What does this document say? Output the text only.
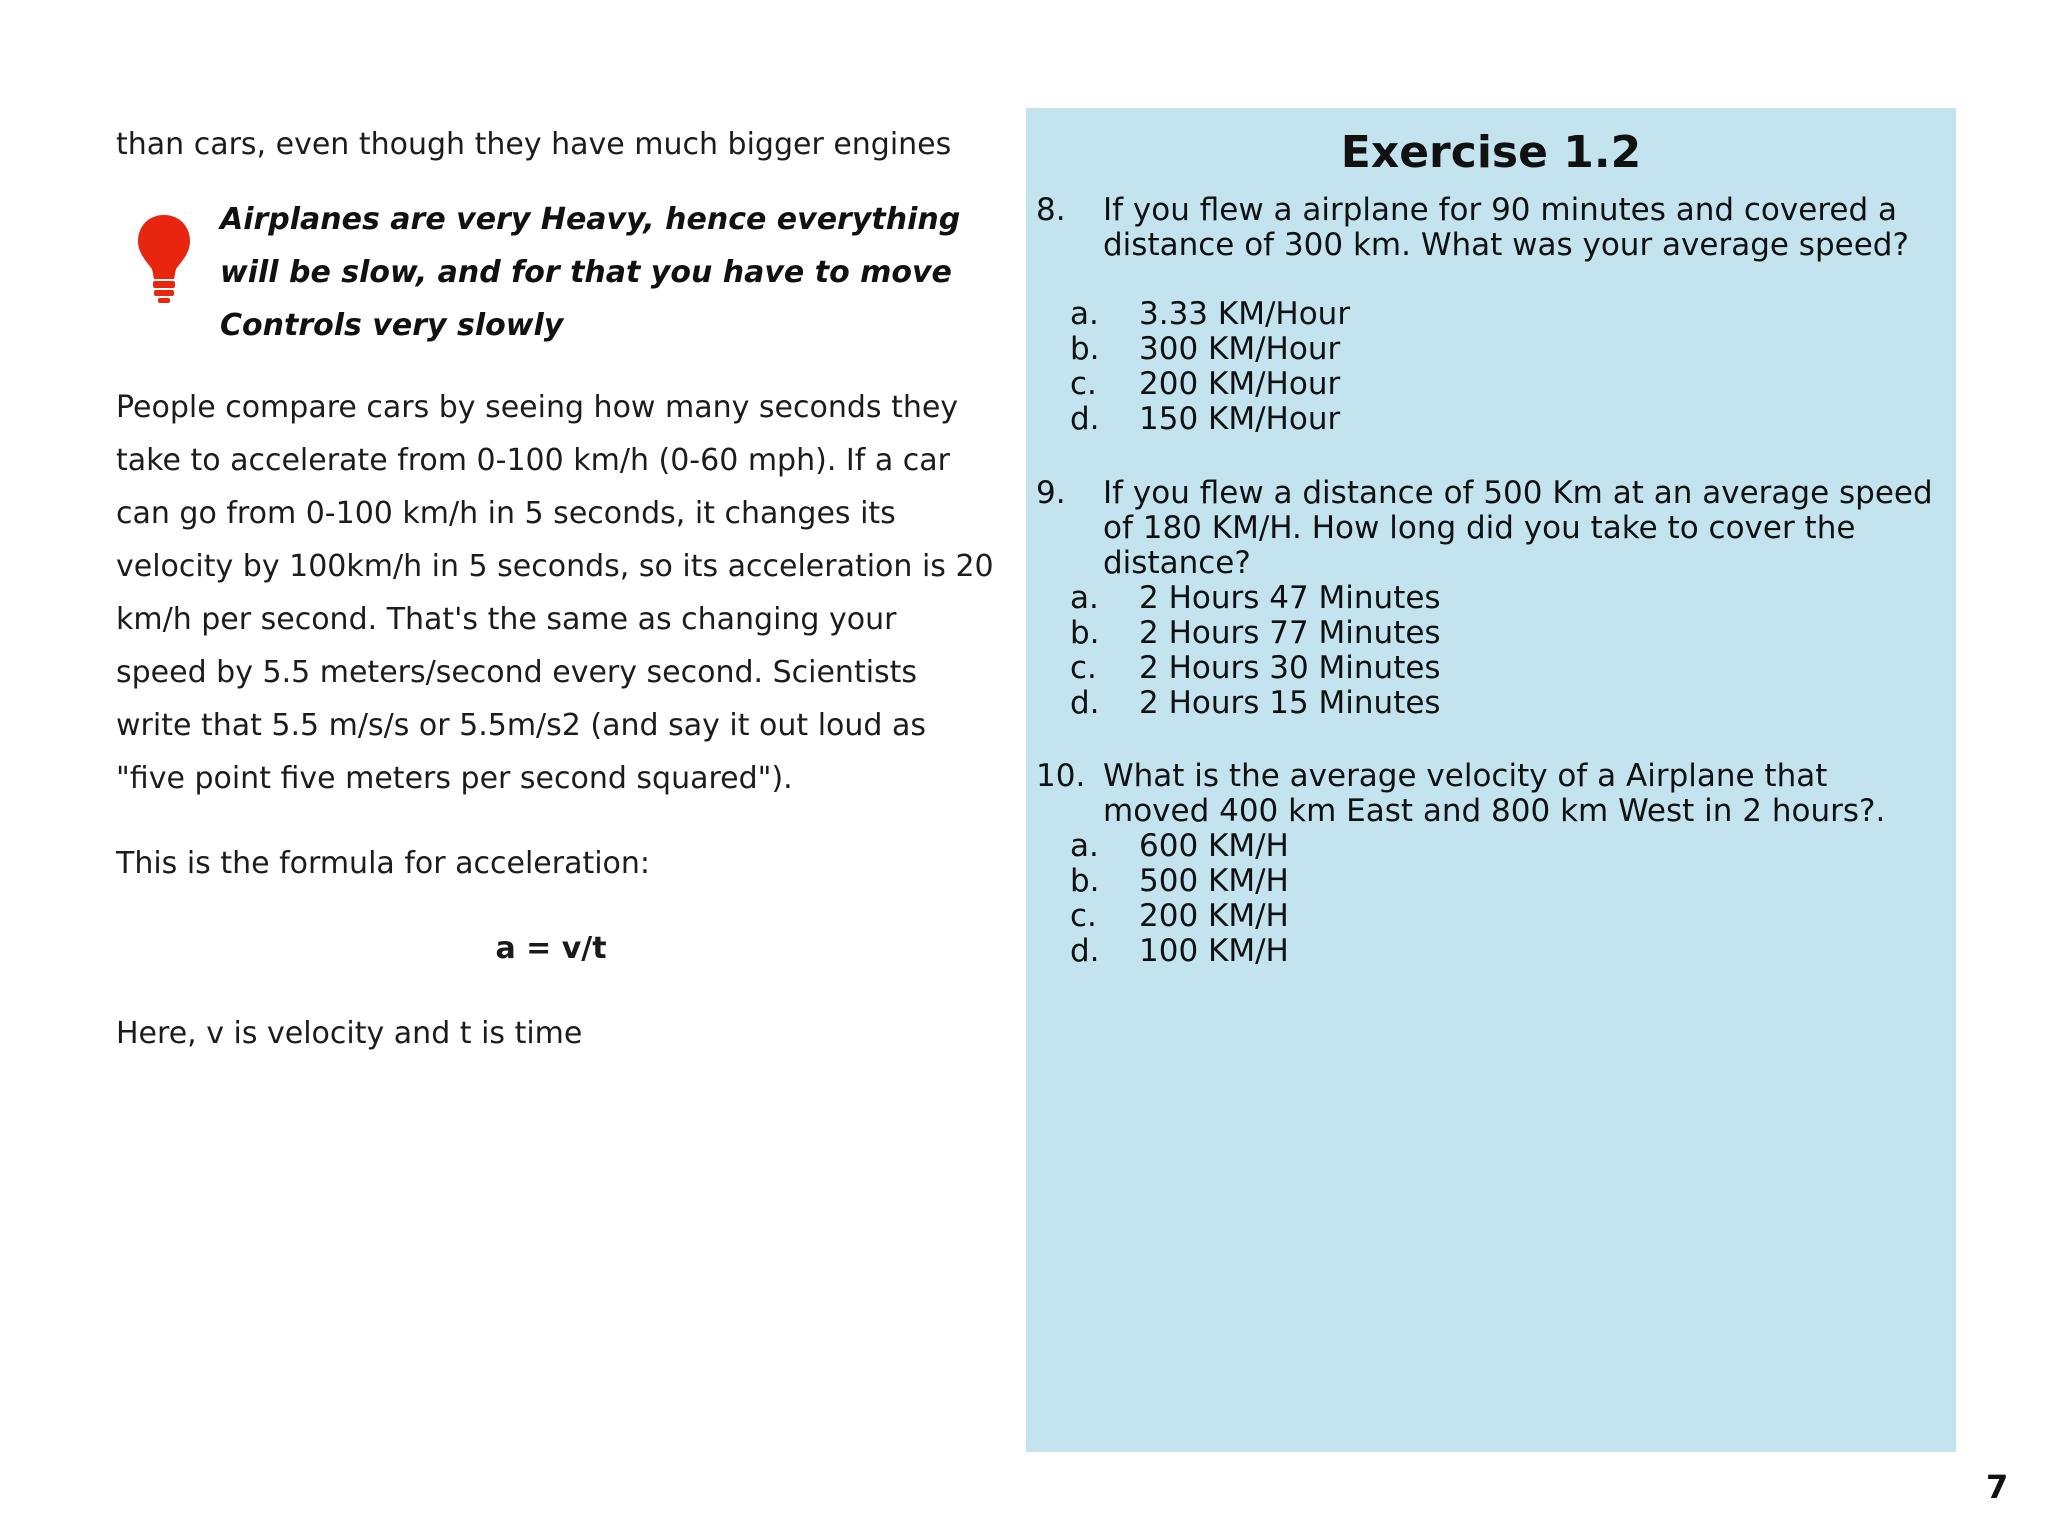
than cars, even though they have much bigger engines

Airplanes are very Heavy, hence everything will be slow, and for that you have to move Controls very slowly

People compare cars by seeing how many seconds they take to accelerate from 0-100 km/h (0-60 mph). If a car can go from 0-100 km/h in 5 seconds, it changes its velocity by 100km/h in 5 seconds, so its acceleration is 20 km/h per second. That's the same as changing your speed by 5.5 meters/second every second. Scientists write that 5.5 m/s/s or 5.5m/s2 (and say it out loud as "five point five meters per second squared").

This is the formula for acceleration:

a = v/t

Here, v is velocity and t is time

Exercise 1.2
8. If you flew a airplane for 90 minutes and covered a distance of 300 km. What was your average speed?
a. 3.33 KM/Hour
b. 300 KM/Hour
c. 200 KM/Hour
d. 150 KM/Hour
9. If you flew a distance of 500 Km at an average speed of 180 KM/H. How long did you take to cover the distance?
a. 2 Hours 47 Minutes
b. 2 Hours 77 Minutes
c. 2 Hours 30 Minutes
d. 2 Hours 15 Minutes
10. What is the average velocity of a Airplane that moved 400 km East and 800 km West in 2 hours?.
a. 600 KM/H
b. 500 KM/H
c. 200 KM/H
d. 100 KM/H
7
